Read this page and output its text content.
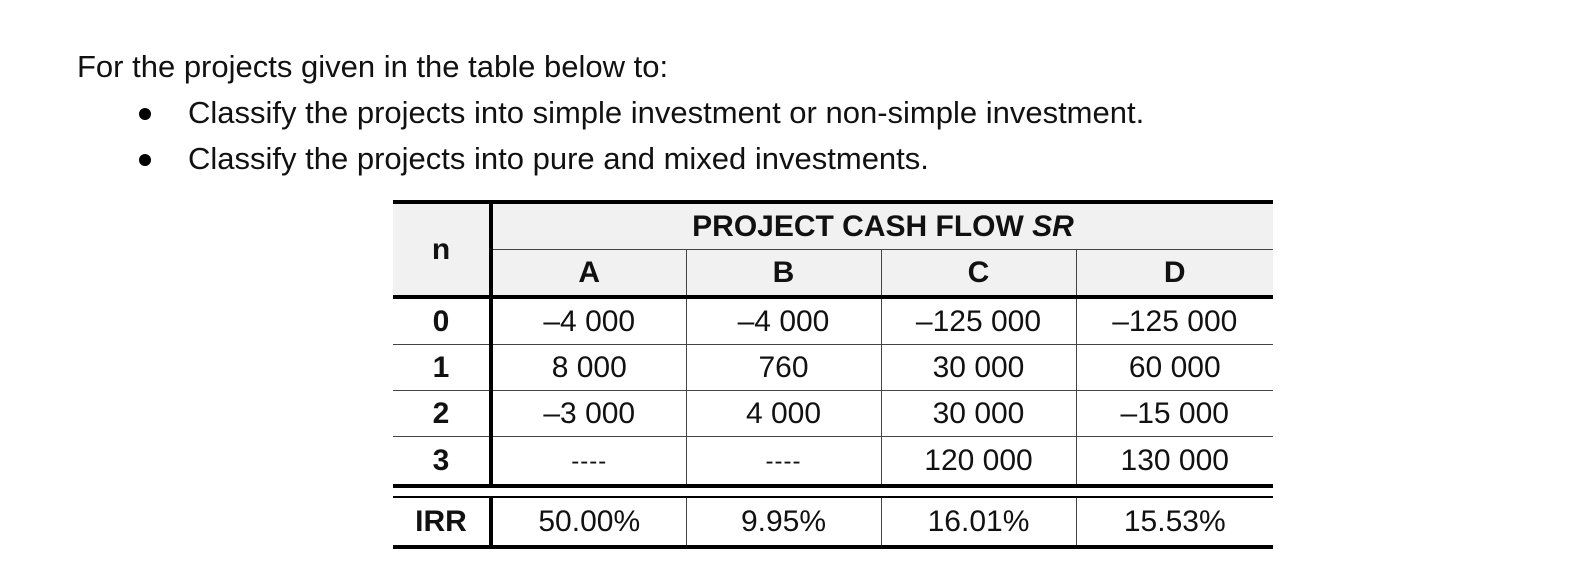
For the projects given in the table below to:
Classify the projects into simple investment or non-simple investment.
Classify the projects into pure and mixed investments.
n	PROJECT CASH FLOW SR			
	A	B	C	D
0	–4 000	–4 000	–125 000	–125 000
1	8 000	760	30 000	60 000
2	–3 000	4 000	30 000	–15 000
3	----	----	120 000	130 000

IRR	50.00%	9.95%	16.01%	15.53%
